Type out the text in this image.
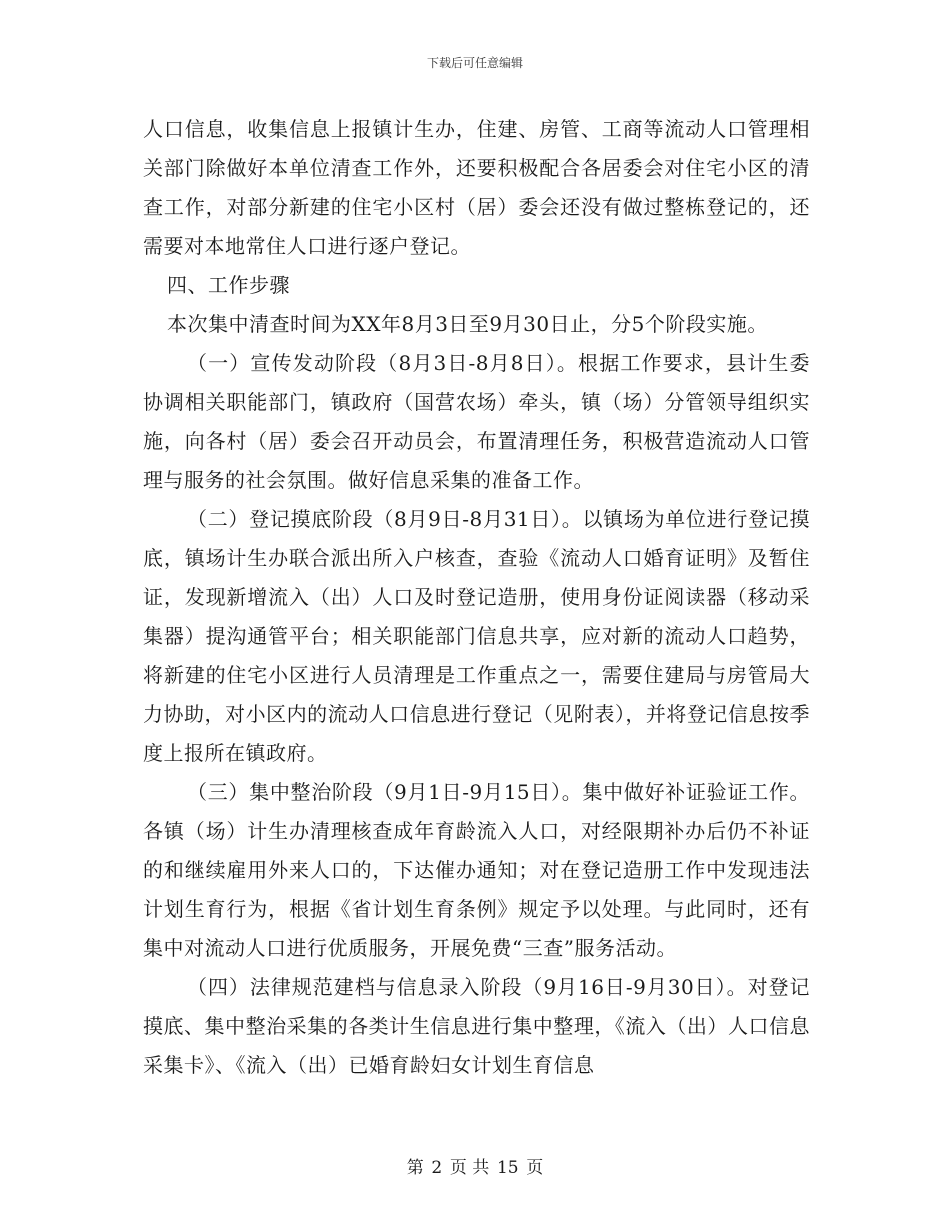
下载后可任意编辑

人口信息，收集信息上报镇计生办，住建、房管、工商等流动人口管理相关部门除做好本单位清查工作外，还要积极配合各居委会对住宅小区的清查工作，对部分新建的住宅小区村（居）委会还没有做过整栋登记的，还需要对本地常住人口进行逐户登记。

四、工作步骤

本次集中清查时间为XX年8月3日至9月30日止，分5个阶段实施。

（一）宣传发动阶段（8月3日-8月8日）。根据工作要求，县计生委协调相关职能部门，镇政府（国营农场）牵头，镇（场）分管领导组织实施，向各村（居）委会召开动员会，布置清理任务，积极营造流动人口管理与服务的社会氛围。做好信息采集的准备工作。

（二）登记摸底阶段（8月9日-8月31日）。以镇场为单位进行登记摸底，镇场计生办联合派出所入户核查，查验《流动人口婚育证明》及暂住证，发现新增流入（出）人口及时登记造册，使用身份证阅读器（移动采集器）提沟通管平台；相关职能部门信息共享，应对新的流动人口趋势，将新建的住宅小区进行人员清理是工作重点之一，需要住建局与房管局大力协助，对小区内的流动人口信息进行登记（见附表），并将登记信息按季度上报所在镇政府。

（三）集中整治阶段（9月1日-9月15日）。集中做好补证验证工作。各镇（场）计生办清理核查成年育龄流入人口，对经限期补办后仍不补证的和继续雇用外来人口的，下达催办通知；对在登记造册工作中发现违法计划生育行为，根据《省计划生育条例》规定予以处理。与此同时，还有集中对流动人口进行优质服务，开展免费“三查”服务活动。

（四）法律规范建档与信息录入阶段（9月16日-9月30日）。对登记摸底、集中整治采集的各类计生信息进行集中整理，《流入（出）人口信息采集卡》、《流入（出）已婚育龄妇女计划生育信息

第 2 页 共 15 页
